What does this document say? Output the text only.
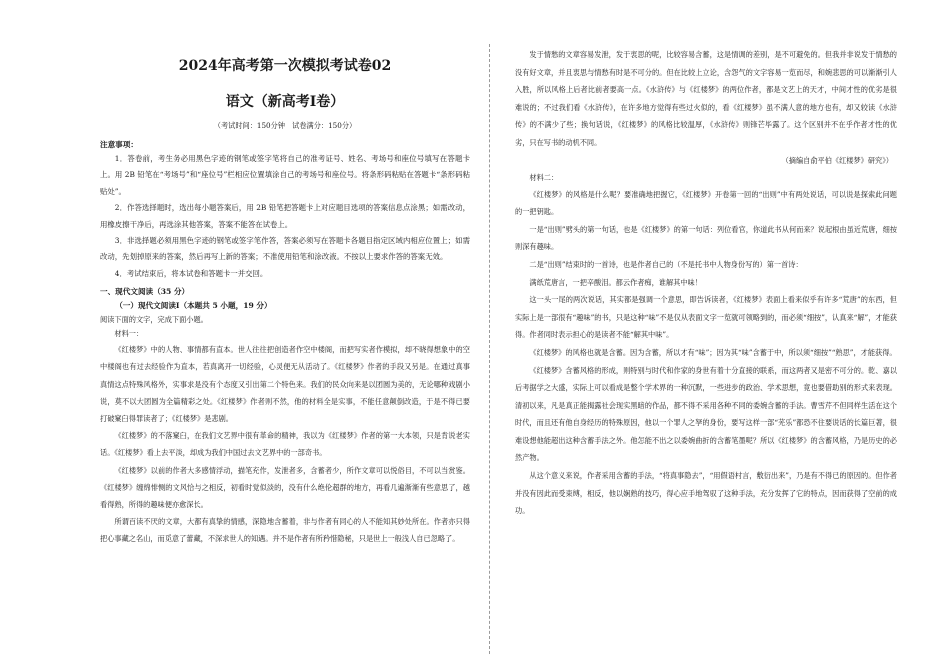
2024年高考第一次模拟考试卷02
语文（新高考Ⅰ卷）
（考试时间：150分钟　试卷满分：150分）
注意事项：

1．答卷前，考生务必用黑色字迹的钢笔或签字笔将自己的准考证号、姓名、考场号和座位号填写在答题卡上。用 2B 铅笔在“考场号”和“座位号”栏相应位置填涂自己的考场号和座位号。将条形码粘贴在答题卡“条形码粘贴处”。

2．作答选择题时，选出每小题答案后，用 2B 铅笔把答题卡上对应题目选项的答案信息点涂黑；如需改动，用橡皮擦干净后，再选涂其他答案，答案不能答在试卷上。

3．非选择题必须用黑色字迹的钢笔或签字笔作答，答案必须写在答题卡各题目指定区域内相应位置上；如需改动，先划掉原来的答案，然后再写上新的答案；不准使用铅笔和涂改液。不按以上要求作答的答案无效。

4．考试结束后，将本试卷和答题卡一并交回。

一、现代文阅读（35 分）
（一）现代文阅读Ⅰ（本题共 5 小题，19 分）
阅读下面的文字，完成下面小题。
材料一：

《红楼梦》中的人物、事情都有直本。世人往往把创造者作空中楼阁，而把写实者作模拟，却不晓得想象中的空中楼阁也有过去经验作为直本，若真离开一切经验，心灵便无从活动了。《红楼梦》作者的手段又另是。在通过真事真情这点特殊风格外，实事求是没有个态度又引出第二个特色来。我们的民众向来是以团圆为美的，无论哪种戏剧小说，莫不以大团圆为全篇精彩之处。《红楼梦》作者则不然，他的材料全是实事，不能任意颠倒改造，于是不得已要打破窠臼得罪读者了；《红楼梦》是悲剧。

《红楼梦》的不落窠臼，在我们文艺界中很有革命的精神，我以为《红楼梦》作者的第一大本领，只是肯说老实话。《红楼梦》看上去平淡，却成为我们中国过去文艺界中的一部奇书。

《红楼梦》以前的作者大多感情浮动，描笔充作，发泄者多，含蓄者少，所作文章可以悦俗目，不可以当赏鉴。《红楼梦》缠绵悱恻的文风恰与之相反，初看时觉似淡的，没有什么绝伦超群的地方，再看几遍渐渐有些意思了，越看得熟，所得的趣味便亦愈深长。

所谓百读不厌的文章，大都有真挚的情感，深隐地含蓄着，非与作者有同心的人不能知其妙处所在。作者亦只得把心事藏之名山，而觅意了蕾藏，不深求世人的知遇。并不是作者有所矜惜隐秘，只是世上一般浅人自已忽略了。

发于情愁的文章容易发泄，发于衷思的呢，比较容易含蓄，这是情调的差别，是不可避免的。但我并非说发于情愁的没有好文章，并且衷思与情愁有时是不可分的。但在比较上立论，含怨气的文字容易一览而尽，和婉悲思的可以渐渐引人入胜，所以风格上后者比前者要高一点。《水浒传》与《红楼梦》的两位作者，都是文艺上的天才，中间才性的优劣是很难说的；不过我们看《水浒传》，在许多地方觉得有些过火似的，看《红楼梦》虽不满人意的地方也有，却又较读《水浒传》的不满少了些；换句话说，《红楼梦》的风格比较温厚，《水浒传》则锋芒毕露了。这个区别并不在乎作者才性的优劣，只在写书的动机不同。

（摘编自俞平伯《红楼梦》研究》）

材料二：

《红楼梦》的风格是什么呢？要准确地把握它，《红楼梦》开卷第一回的“出则”中有两处说话，可以说是探索此问题的一把钥匙。

一是“出则”劈头的第一句话，也是《红楼梦》的第一句话：列位看官，你道此书从何而来？说起根由虽近荒唐，细按则深有趣味。

二是“出则”结束时的一首诗，也是作者自己的（不是托书中人物身份写的）第一首诗：

满纸荒唐言，一把辛酸泪。都云作者痴，谁解其中味！

这一头一尾的两次说话，其实都是强调一个意思，即告诉读者，《红楼梦》表面上看来似乎有许多“荒唐”的东西，但实际上是一部很有“趣味”的书，只是这种“味”不是仅从表面文字一览就可领略到的，而必须“细按”，认真来“解”，才能获得。作者同时表示担心的是读者不能“解其中味”。

《红楼梦》的风格也就是含蓄。因为含蓄，所以才有“味”；因为其“味”含蓄于中，所以须“细按”“熟思”，才能获得。

《红楼梦》含蓄风格的形成，则特别与时代和作家的身世有着十分直接的联系，而这两者又是密不可分的。乾、嘉以后考据学之大盛，实际上可以看成是整个学术界的一种沉默，一些进步的政治、学术思想，竟也要借助别的形式来表现。清初以来，凡是真正能揭露社会现实黑暗的作品，都不得不采用各种不同的委婉含蓄的手法。曹雪芹不但同样生活在这个时代，而且还有他自身经历的特殊原因，他以一个罪人之孥的身份，要写这样一部“芜乐”都恐不住要说话的长篇巨著，很难设想他能超出这种含蓄手法之外。他怎能不出之以委婉曲折的含蓄笔墨呢？所以《红楼梦》的含蓄风格，乃是历史的必然产物。

从这个意义来说，作者采用含蓄的手法，“将真事隐去”，“用假语村言，敷衍出来”，乃是有不得已的原因的。但作者并没有因此而受束缚，相反，他以娴熟的技巧，得心应手地驾驭了这种手法，充分发挥了它的特点，因而获得了空前的成功。
